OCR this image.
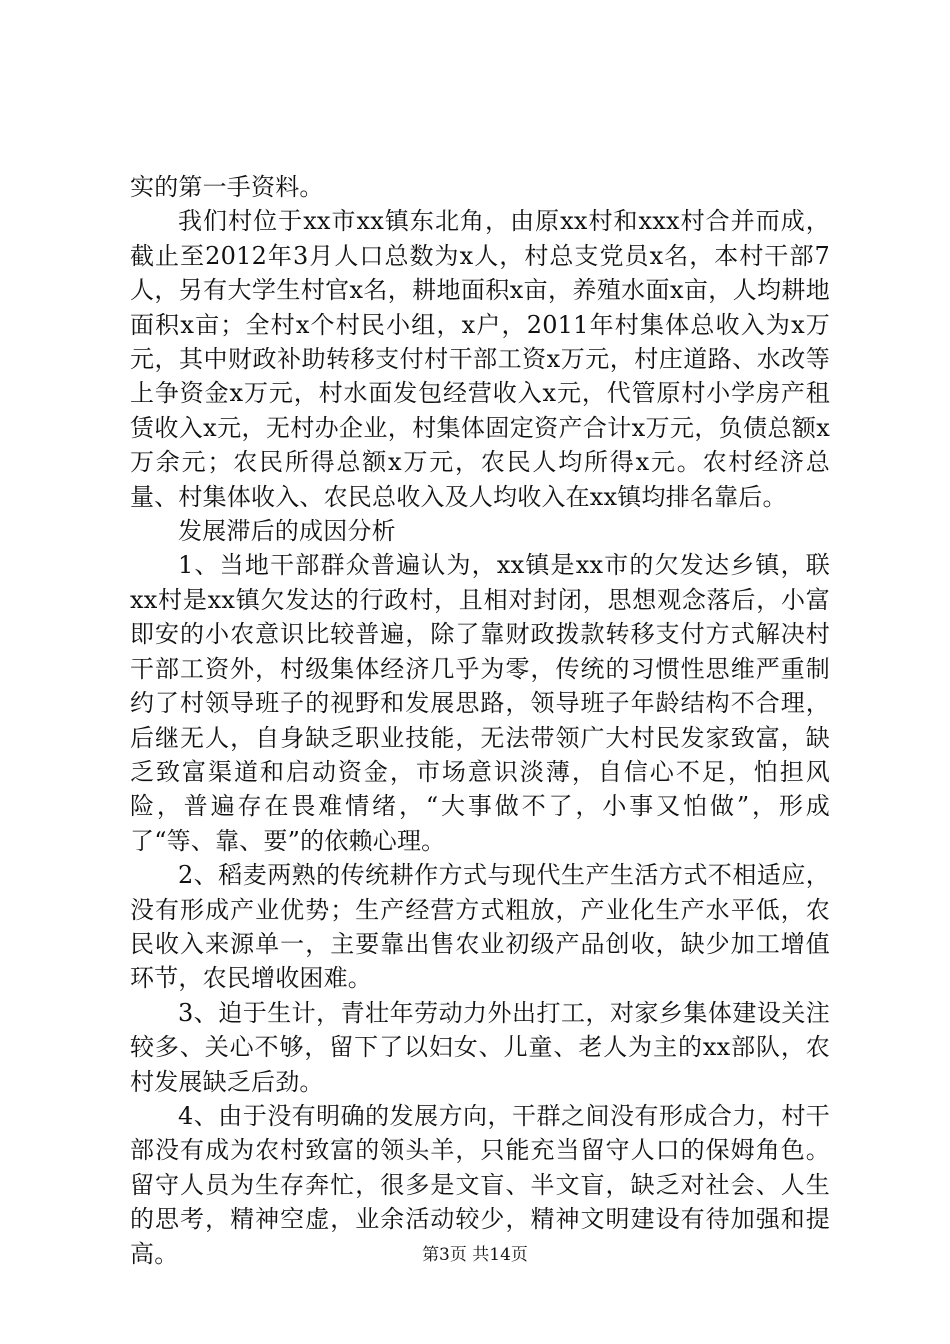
实的第一手资料。

我们村位于xx市xx镇东北角，由原xx村和xxx村合并而成，截止至2012年3月人口总数为x人，村总支党员x名，本村干部7人，另有大学生村官x名，耕地面积x亩，养殖水面x亩，人均耕地面积x亩；全村x个村民小组，x户，2011年村集体总收入为x万元，其中财政补助转移支付村干部工资x万元，村庄道路、水改等上争资金x万元，村水面发包经营收入x元，代管原村小学房产租赁收入x元，无村办企业，村集体固定资产合计x万元，负债总额x万余元；农民所得总额x万元，农民人均所得x元。农村经济总量、村集体收入、农民总收入及人均收入在xx镇均排名靠后。

发展滞后的成因分析

1、当地干部群众普遍认为，xx镇是xx市的欠发达乡镇，联xx村是xx镇欠发达的行政村，且相对封闭，思想观念落后，小富即安的小农意识比较普遍，除了靠财政拨款转移支付方式解决村干部工资外，村级集体经济几乎为零，传统的习惯性思维严重制约了村领导班子的视野和发展思路，领导班子年龄结构不合理，后继无人，自身缺乏职业技能，无法带领广大村民发家致富，缺乏致富渠道和启动资金，市场意识淡薄，自信心不足，怕担风险，普遍存在畏难情绪，“大事做不了，小事又怕做”，形成了“等、靠、要”的依赖心理。

2、稻麦两熟的传统耕作方式与现代生产生活方式不相适应，没有形成产业优势；生产经营方式粗放，产业化生产水平低，农民收入来源单一，主要靠出售农业初级产品创收，缺少加工增值环节，农民增收困难。

3、迫于生计，青壮年劳动力外出打工，对家乡集体建设关注较多、关心不够，留下了以妇女、儿童、老人为主的xx部队，农村发展缺乏后劲。

4、由于没有明确的发展方向，干群之间没有形成合力，村干部没有成为农村致富的领头羊，只能充当留守人口的保姆角色。留守人员为生存奔忙，很多是文盲、半文盲，缺乏对社会、人生的思考，精神空虚，业余活动较少，精神文明建设有待加强和提高。	第3页 共14页
